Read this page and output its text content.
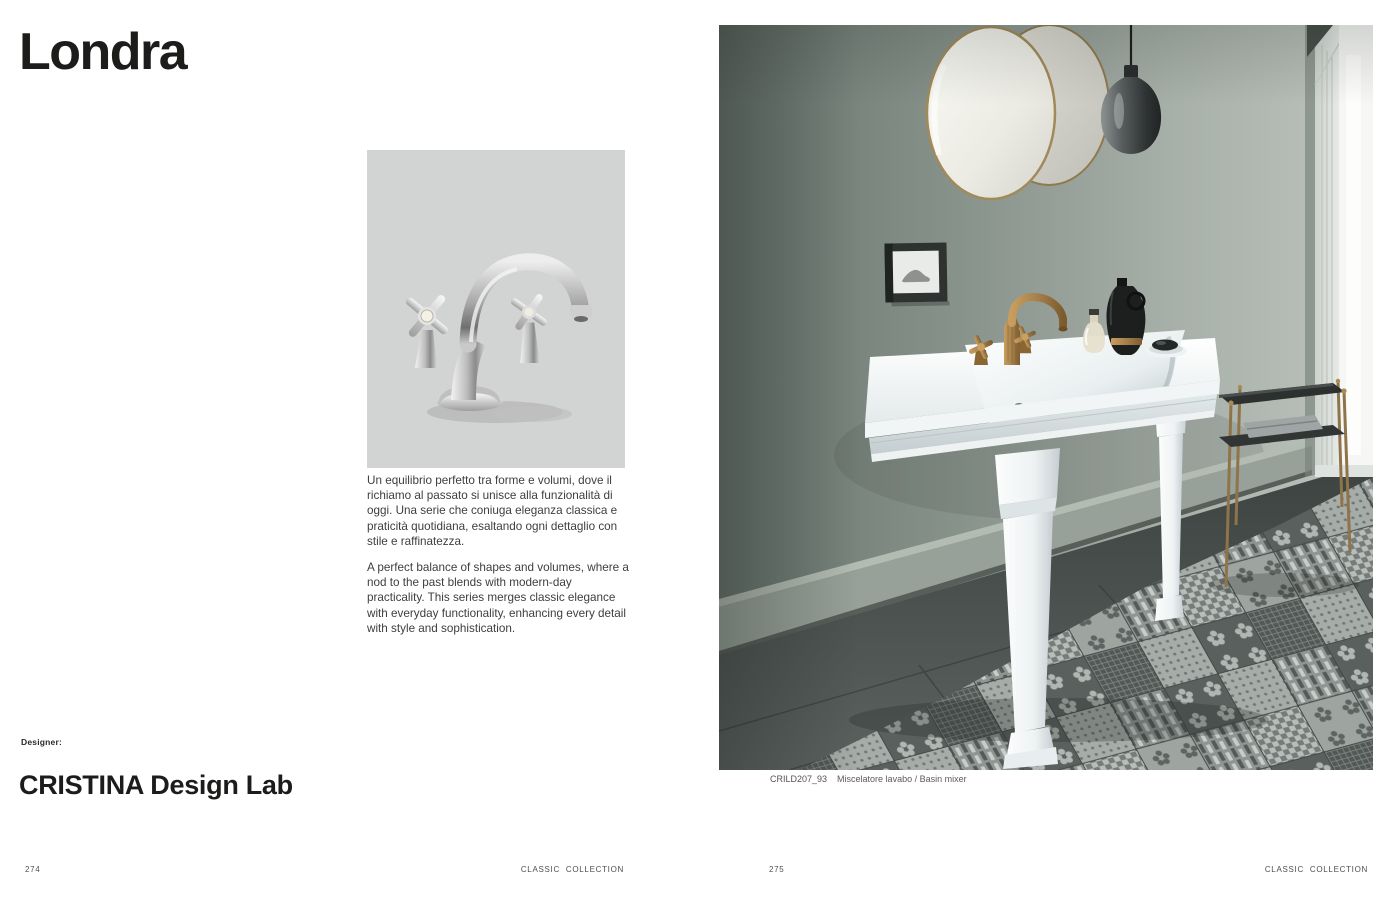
Londra
Un equilibrio perfetto tra forme e volumi, dove il richiamo al passato si unisce alla funzionalità di oggi. Una serie che coniuga eleganza classica e praticità quotidiana, esaltando ogni dettaglio con stile e raffinatezza.
A perfect balance of shapes and volumes, where a nod to the past blends with modern-day practicality. This series merges classic elegance with everyday functionality, enhancing every detail with style and sophistication.
Designer:
CRISTINA Design Lab	CRILD207_93 Miscelatore lavabo / Basin mixer
274	CLASSIC COLLECTION	275	CLASSIC COLLECTION
